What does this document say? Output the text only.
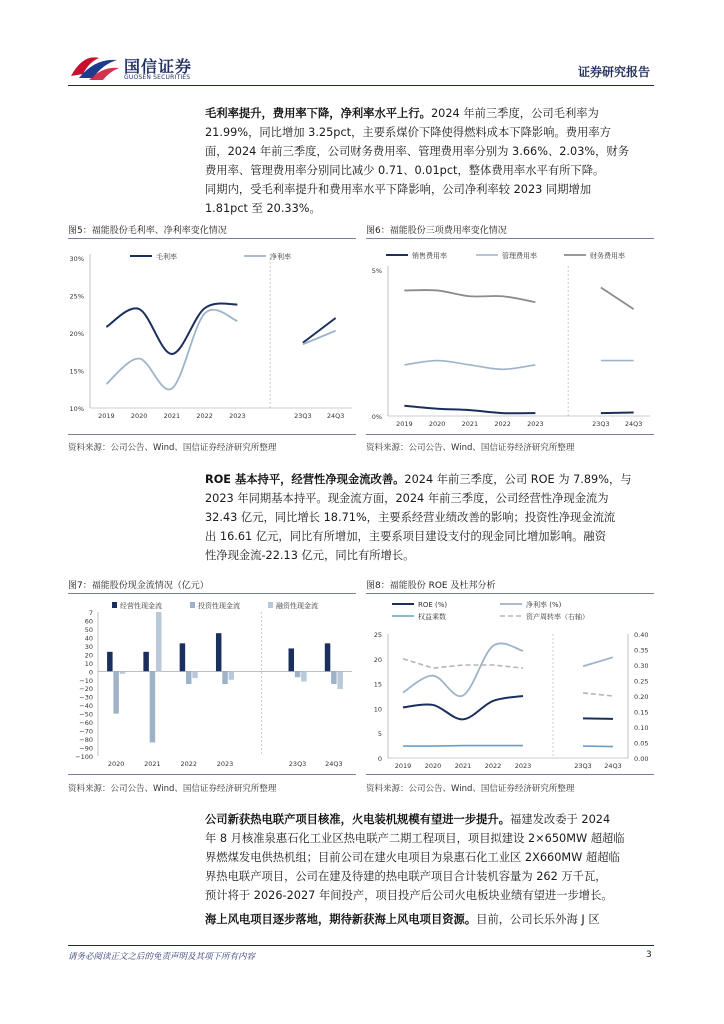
国信证券
GUOSEN SECURITIES	证券研究报告
毛利率提升，费用率下降，净利率水平上行。2024 年前三季度，公司毛利率为
21.99%，同比增加 3.25pct，主要系煤价下降使得燃料成本下降影响。费用率方
面，2024 年前三季度，公司财务费用率、管理费用率分别为 3.66%、2.03%，财务
费用率、管理费用率分别同比减少 0.71、0.01pct，整体费用率水平有所下降。
同期内，受毛利率提升和费用率水平下降影响，公司净利率较 2023 同期增加
1.81pct 至 20.33%。
图5：福能股份毛利率、净利率变化情况
10%
15%
20%
25%
30%
2019 2020 2021 2022 2023	23Q3 24Q3
毛利率	净利率
资料来源：公司公告、Wind、国信证券经济研究所整理
图6：福能股份三项费用率变化情况
0%
5%
2019 2020 2021 2022 2023	23Q3 24Q3
销售费用率	管理费用率	财务费用率
资料来源：公司公告、Wind、国信证券经济研究所整理
ROE 基本持平，经营性净现金流改善。2024 年前三季度，公司 ROE 为 7.89%，与
2023 年同期基本持平。现金流方面，2024 年前三季度，公司经营性净现金流为
32.43 亿元，同比增长 18.71%，主要系经营业绩改善的影响；投资性净现金流流
出 16.61 亿元，同比有所增加，主要系项目建设支付的现金同比增加影响。融资
性净现金流-22.13 亿元，同比有所增长。
图7：福能股份现金流情况（亿元）
7
0
−10
−20
−40
−60
−80
−100
60
50
40
30
20
10
−30
−50
−70
−90
2020	2021	2022	2023	23Q3	24Q3
经营性现金流	投资性现金流	融资性现金流
资料来源：公司公告、Wind、国信证券经济研究所整理
图8：福能股份 ROE 及杜邦分析
0
5
10
15
20
25
0.00
0.05
0.10
0.15
0.20
0.25
0.30
0.35
0.40
2019 2020 2021 2022 2023	23Q3 24Q3
ROE (%)	净利率 (%)
权益乘数	资产周转率（右轴）
资料来源：公司公告、Wind、国信证券经济研究所整理
公司新获热电联产项目核准，火电装机规模有望进一步提升。福建发改委于 2024
年 8 月核准泉惠石化工业区热电联产二期工程项目，项目拟建设 2×650MW 超超临
界燃煤发电供热机组；目前公司在建火电项目为泉惠石化工业区 2X660MW 超超临
界热电联产项目，公司在建及待建的热电联产项目合计装机容量为 262 万千瓦，
预计将于 2026-2027 年间投产，项目投产后公司火电板块业绩有望进一步增长。
海上风电项目逐步落地，期待新获海上风电项目资源。目前，公司长乐外海 J 区
请务必阅读正文之后的免责声明及其项下所有内容	3
